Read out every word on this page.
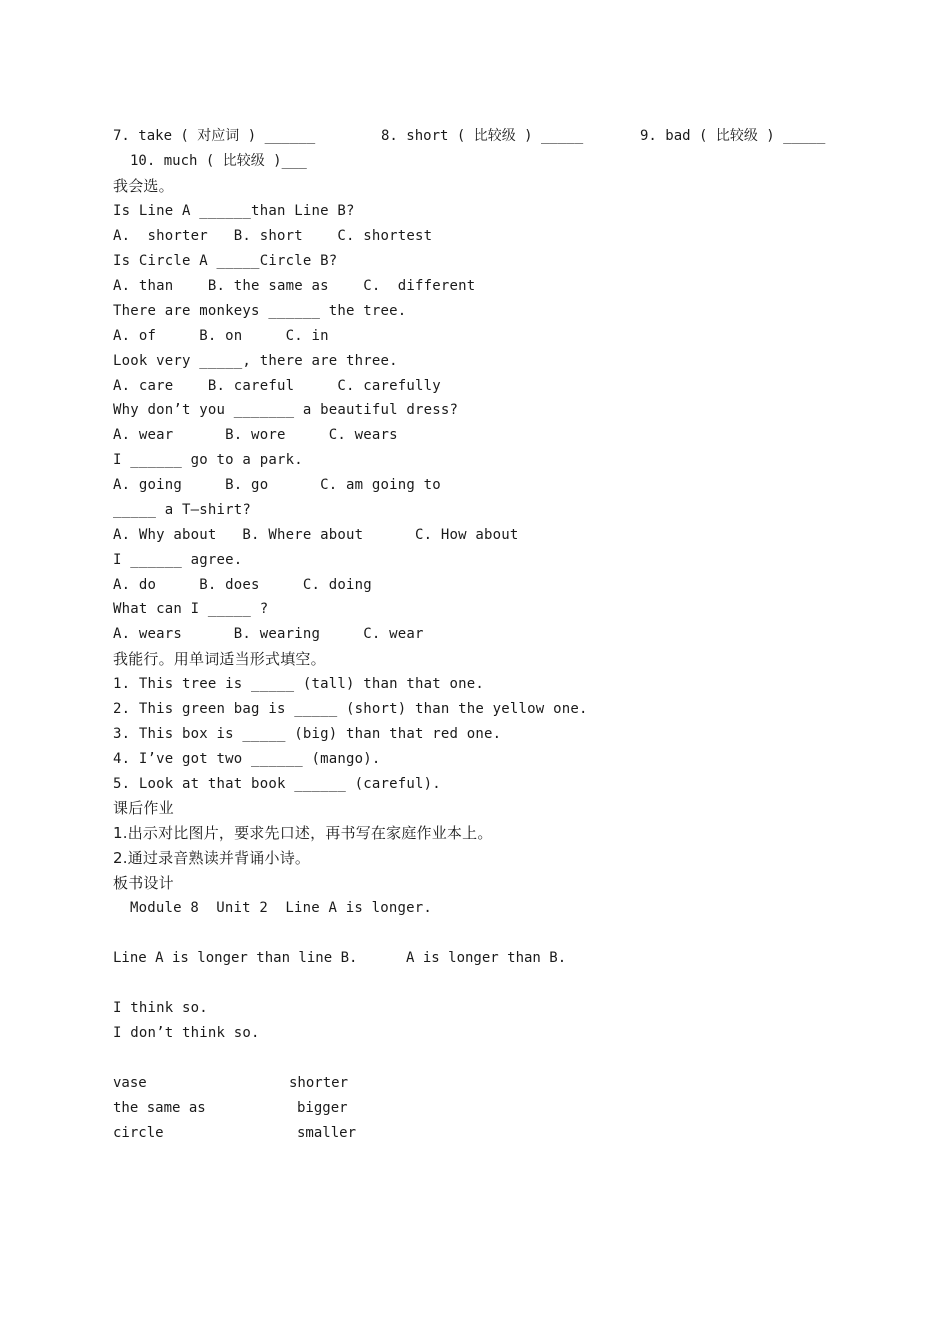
7. take ( 对应词 ) ______	8. short ( 比较级 ) _____	9. bad ( 比较级 ) _____
10. much ( 比较级 )___
我会选。
Is Line A ______than Line B?
A.  shorter   B. short    C. shortest
Is Circle A _____Circle B?
A. than    B. the same as    C.  different
There are monkeys ______ the tree.
A. of     B. on     C. in
Look very _____, there are three.
A. care    B. careful     C. carefully
Why don’t you _______ a beautiful dress?
A. wear      B. wore     C. wears
I ______ go to a park.
A. going     B. go      C. am going to
_____ a T—shirt?
A. Why about   B. Where about      C. How about
I ______ agree.
A. do     B. does     C. doing
What can I _____ ?
A. wears      B. wearing     C. wear
我能行。用单词适当形式填空。
1. This tree is _____ (tall) than that one.
2. This green bag is _____ (short) than the yellow one.
3. This box is _____ (big) than that red one.
4. I’ve got two ______ (mango).
5. Look at that book ______ (careful).
课后作业
1.出示对比图片，要求先口述，再书写在家庭作业本上。
2.通过录音熟读并背诵小诗。
板书设计
Module 8  Unit 2  Line A is longer.
Line A is longer than line B.	A is longer than B.
I think so.
I don’t think so.
vase	shorter
the same as	bigger
circle	smaller
